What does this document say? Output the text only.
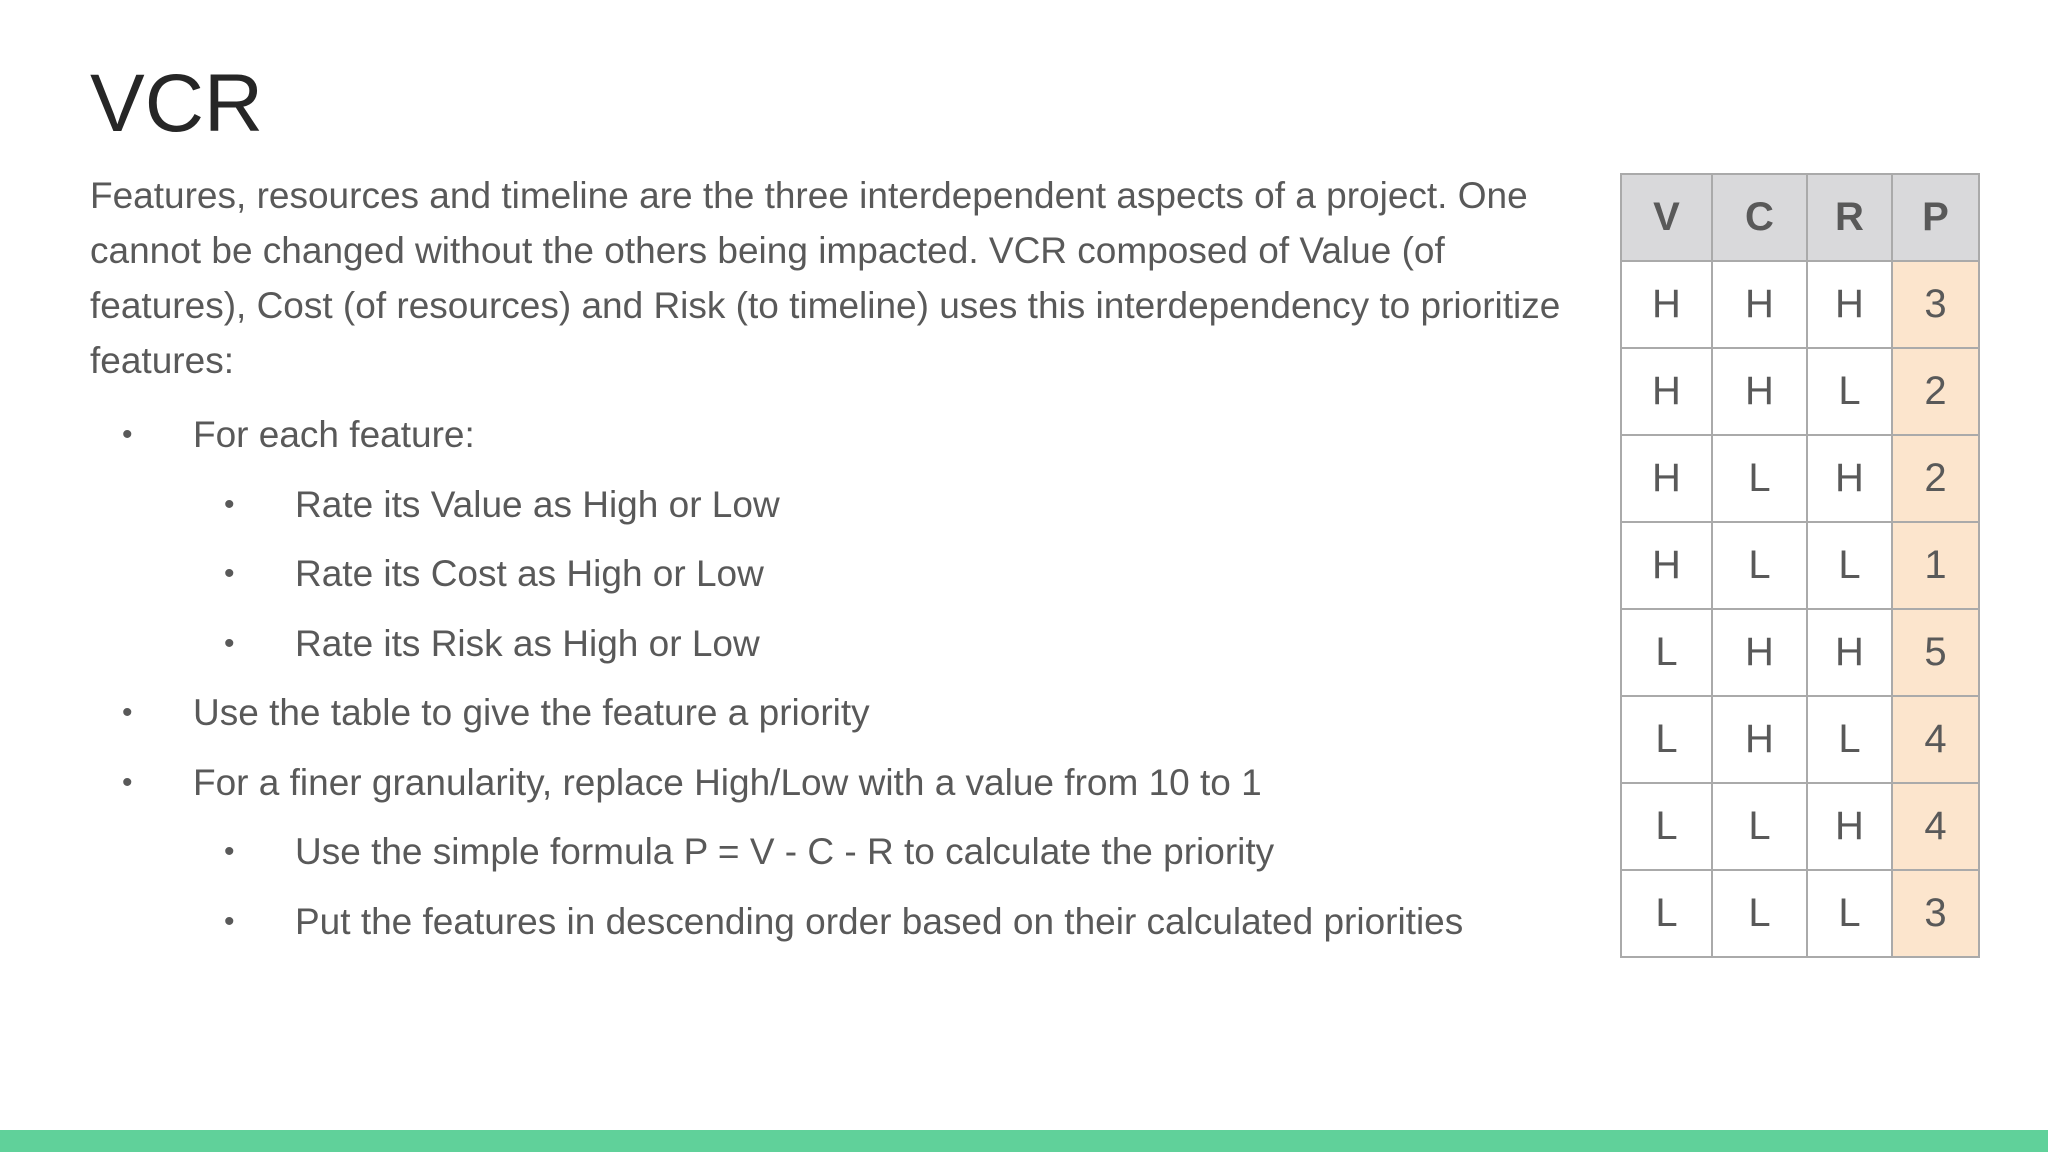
VCR

Features, resources and timeline are the three interdependent aspects of a project. One cannot be changed without the others being impacted. VCR composed of Value (of features), Cost (of resources) and Risk (to timeline) uses this interdependency to prioritize features:

• For each feature:
• Rate its Value as High or Low
• Rate its Cost as High or Low
• Rate its Risk as High or Low
• Use the table to give the feature a priority
• For a finer granularity, replace High/Low with a value from 10 to 1
• Use the simple formula P = V - C - R to calculate the priority
• Put the features in descending order based on their calculated priorities
V	C	R	P
H	H	H	3
H	H	L	2
H	L	H	2
H	L	L	1
L	H	H	5
L	H	L	4
L	L	H	4
L	L	L	3
